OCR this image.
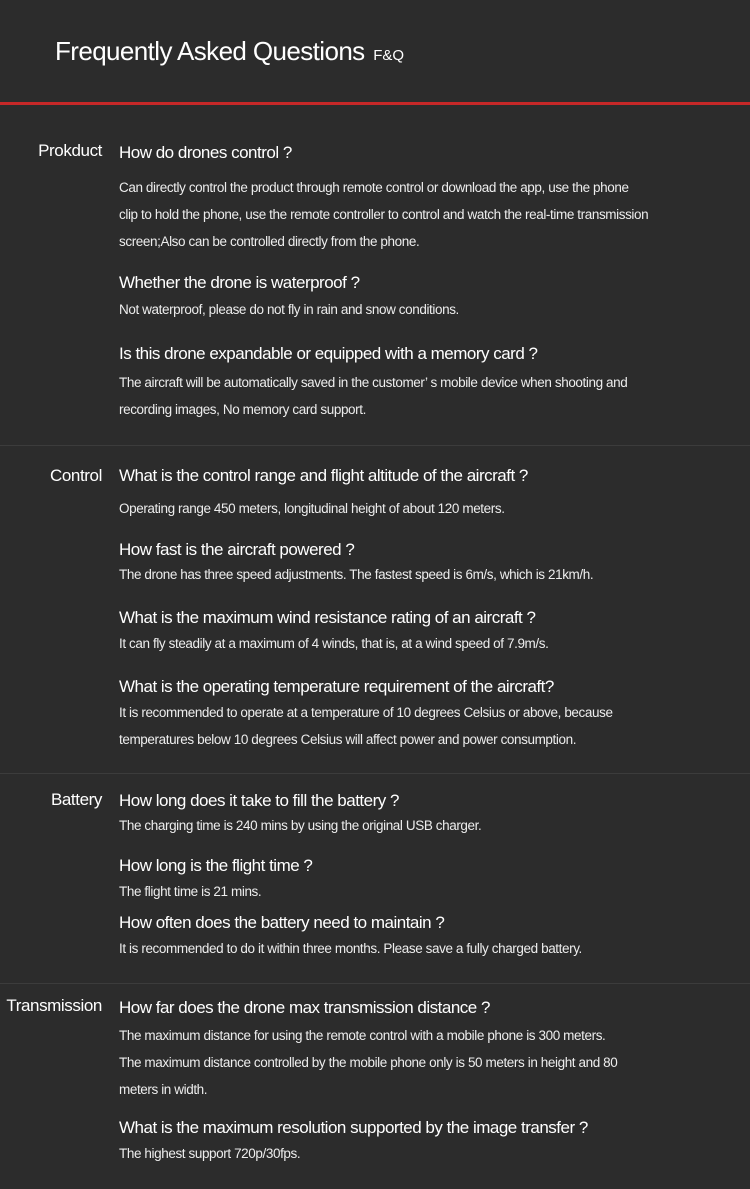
Frequently Asked Questions F&Q
Prokduct How do drones control ?
Can directly control the product through remote control or download the app, use the phone
clip to hold the phone, use the remote controller to control and watch the real-time transmission
screen;Also can be controlled directly from the phone.
Whether the drone is waterproof ?
Not waterproof, please do not fly in rain and snow conditions.
Is this drone expandable or equipped with a memory card ?
The aircraft will be automatically saved in the customer’ s mobile device when shooting and
recording images, No memory card support.
Control What is the control range and flight altitude of the aircraft ?
Operating range 450 meters, longitudinal height of about 120 meters.
How fast is the aircraft powered ?
The drone has three speed adjustments. The fastest speed is 6m/s, which is 21km/h.
What is the maximum wind resistance rating of an aircraft ?
It can fly steadily at a maximum of 4 winds, that is, at a wind speed of 7.9m/s.
What is the operating temperature requirement of the aircraft?
It is recommended to operate at a temperature of 10 degrees Celsius or above, because
temperatures below 10 degrees Celsius will affect power and power consumption.
Battery How long does it take to fill the battery ?
The charging time is 240 mins by using the original USB charger.
How long is the flight time ?
The flight time is 21 mins.
How often does the battery need to maintain ?
It is recommended to do it within three months. Please save a fully charged battery.
Transmission How far does the drone max transmission distance ?
The maximum distance for using the remote control with a mobile phone is 300 meters.
The maximum distance controlled by the mobile phone only is 50 meters in height and 80
meters in width.
What is the maximum resolution supported by the image transfer ?
The highest support 720p/30fps.
